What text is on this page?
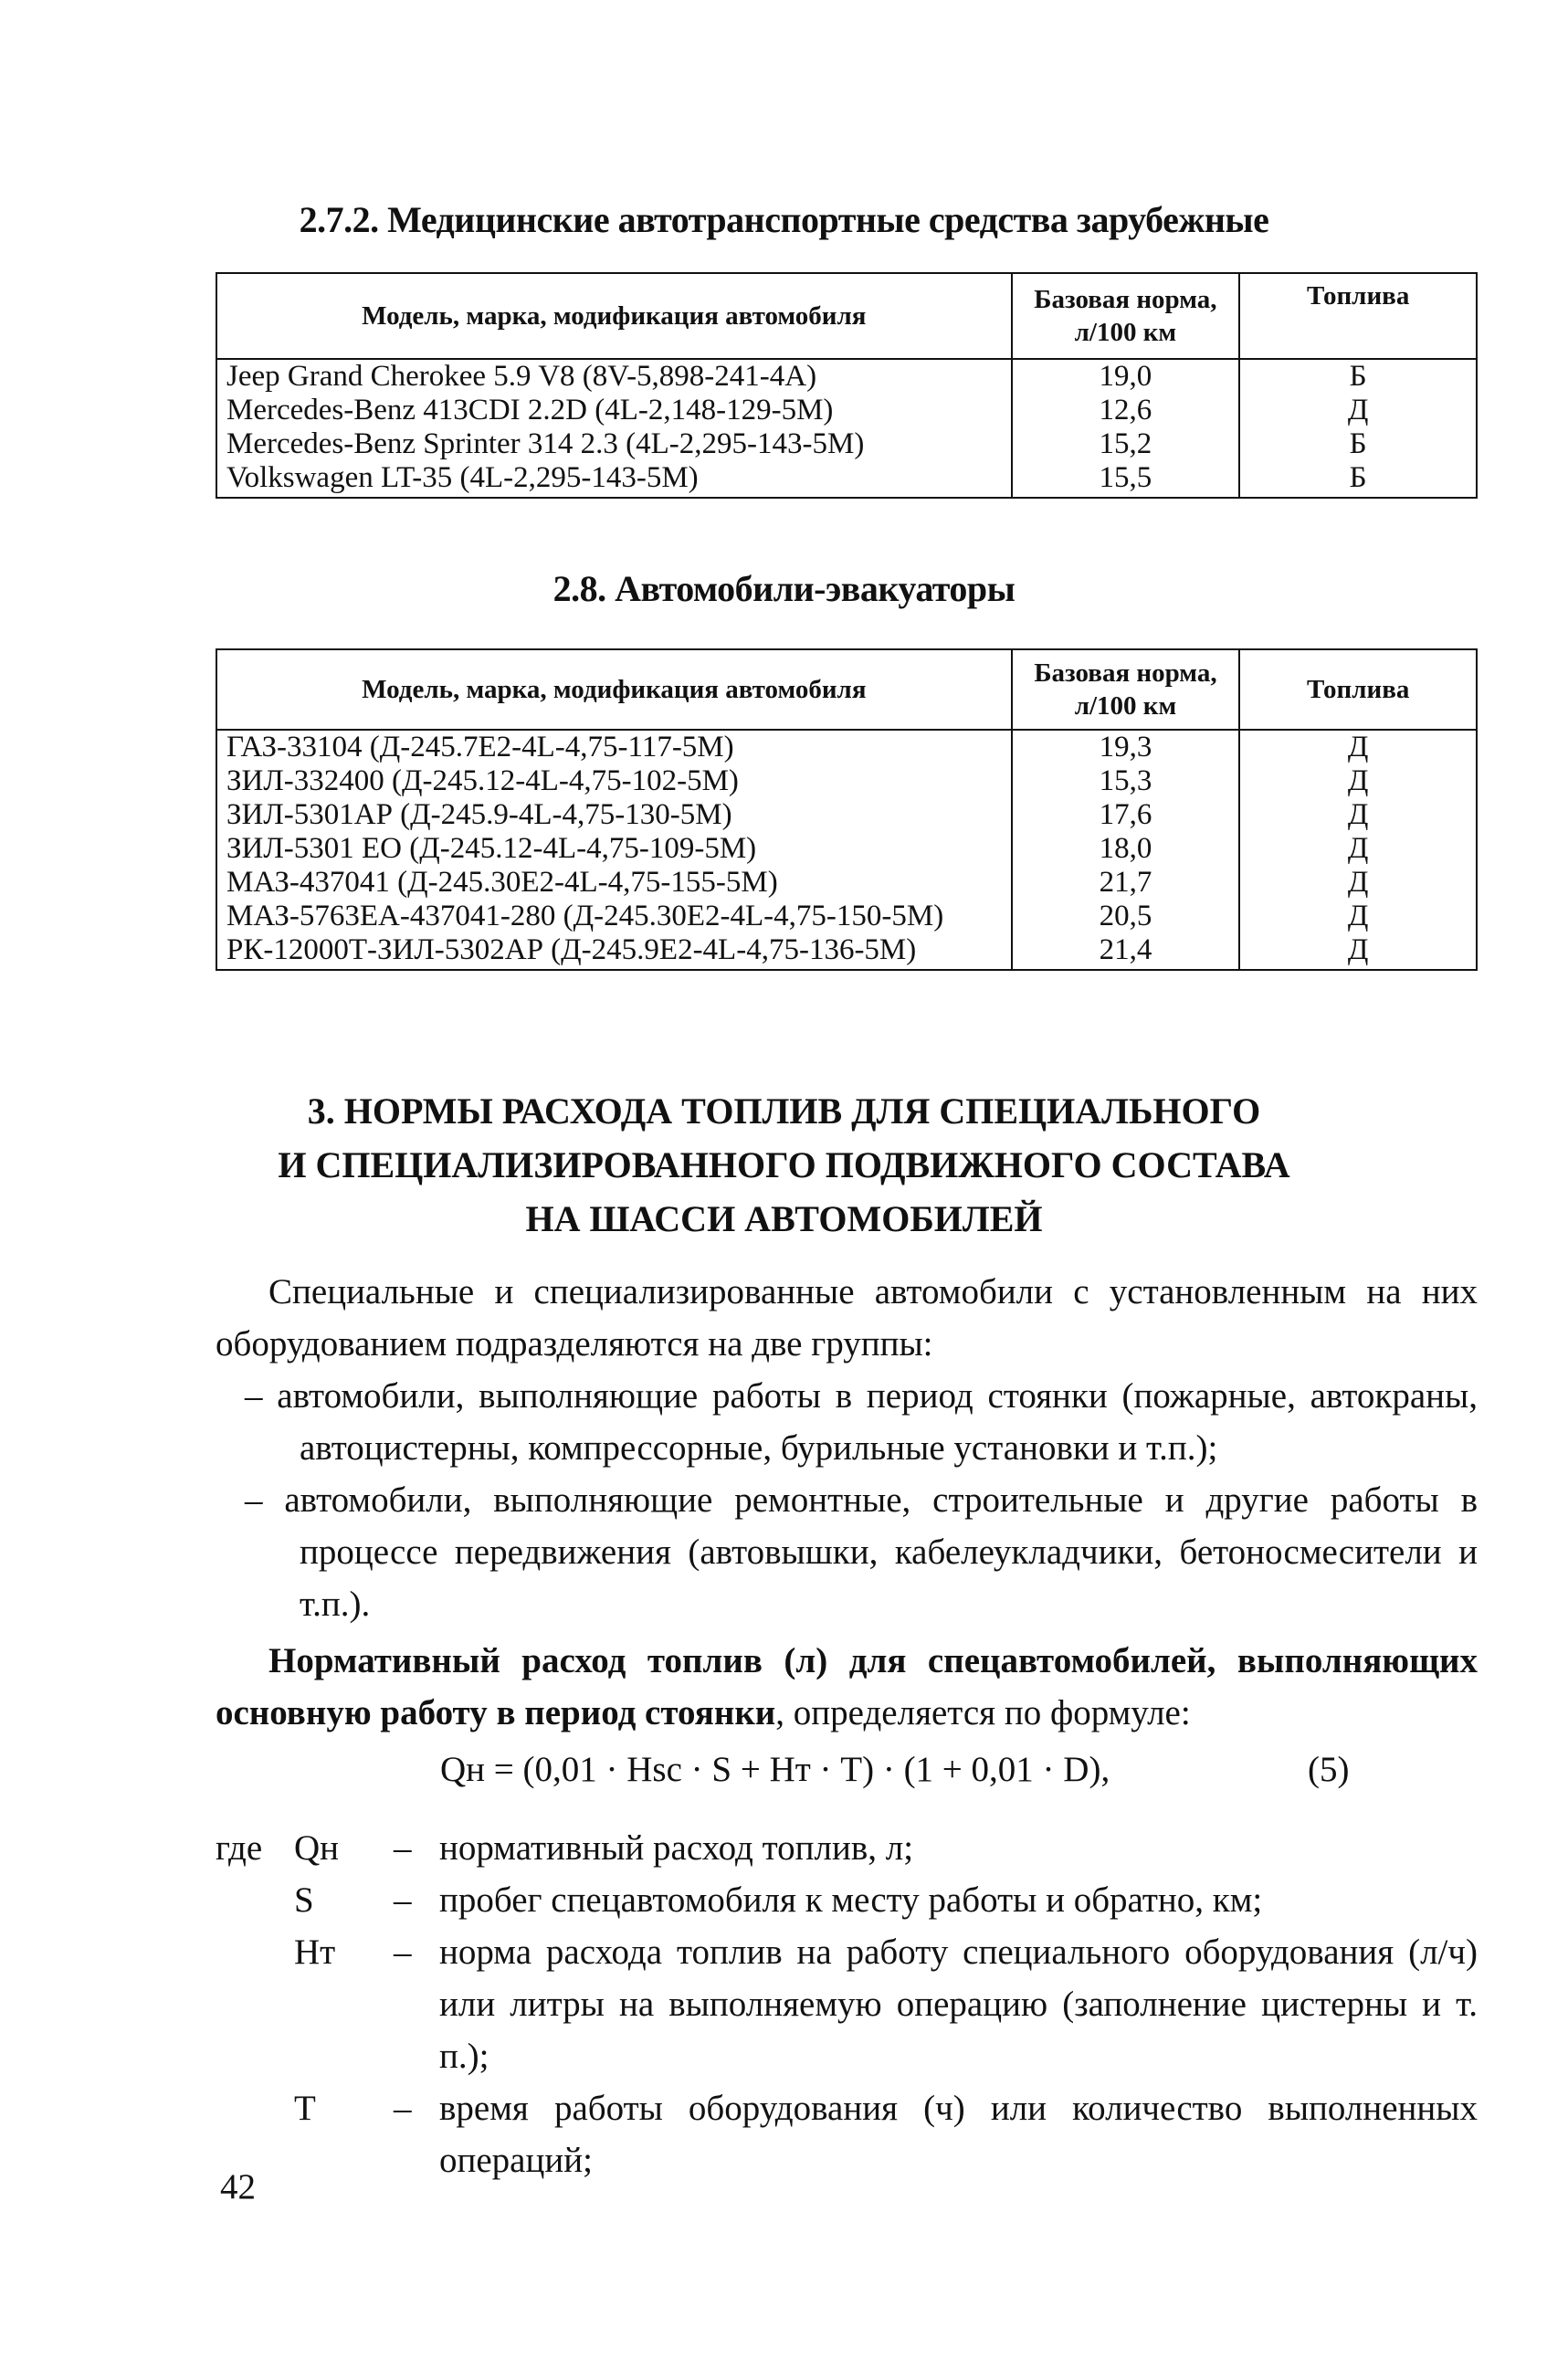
2.7.2. Медицинские автотранспортные средства зарубежные
Модель, марка, модификация автомобиля	Базовая норма, л/100 км	Топлива
Jeep Grand Cherokee 5.9 V8 (8V-5,898-241-4A)	19,0	Б
Mercedes-Benz 413CDI 2.2D (4L-2,148-129-5M)	12,6	Д
Mercedes-Benz Sprinter 314 2.3 (4L-2,295-143-5M)	15,2	Б
Volkswagen LT-35 (4L-2,295-143-5M)	15,5	Б
2.8. Автомобили-эвакуаторы
Модель, марка, модификация автомобиля	Базовая норма, л/100 км	Топлива
ГАЗ-33104 (Д-245.7Е2-4L-4,75-117-5М)	19,3	Д
ЗИЛ-332400 (Д-245.12-4L-4,75-102-5М)	15,3	Д
ЗИЛ-5301АР (Д-245.9-4L-4,75-130-5М)	17,6	Д
ЗИЛ-5301 ЕО (Д-245.12-4L-4,75-109-5М)	18,0	Д
МАЗ-437041 (Д-245.30Е2-4L-4,75-155-5М)	21,7	Д
МАЗ-5763ЕА-437041-280 (Д-245.30Е2-4L-4,75-150-5М)	20,5	Д
РК-12000Т-ЗИЛ-5302АР (Д-245.9Е2-4L-4,75-136-5М)	21,4	Д
3. НОРМЫ РАСХОДА ТОПЛИВ ДЛЯ СПЕЦИАЛЬНОГО
И СПЕЦИАЛИЗИРОВАННОГО ПОДВИЖНОГО СОСТАВА
НА ШАССИ АВТОМОБИЛЕЙ
Специальные и специализированные автомобили с установленным на них оборудованием подразделяются на две группы:
– автомобили, выполняющие работы в период стоянки (пожарные, автокраны, автоцистерны, компрессорные, бурильные установки и т.п.);
– автомобили, выполняющие ремонтные, строительные и другие работы в процессе передвижения (автовышки, кабелеукладчики, бетоносмесители и т.п.).
Нормативный расход топлив (л) для спецавтомобилей, выполняющих основную работу в период стоянки, определяется по формуле:
Qн = (0,01 · Hsc · S + Hт · T) · (1 + 0,01 · D),	(5)
где Qн – нормативный расход топлив, л;
S – пробег спецавтомобиля к месту работы и обратно, км;
Hт – норма расхода топлив на работу специального оборудования (л/ч) или литры на выполняемую операцию (заполнение цистерны и т. п.);
T – время работы оборудования (ч) или количество выполненных операций;
42
